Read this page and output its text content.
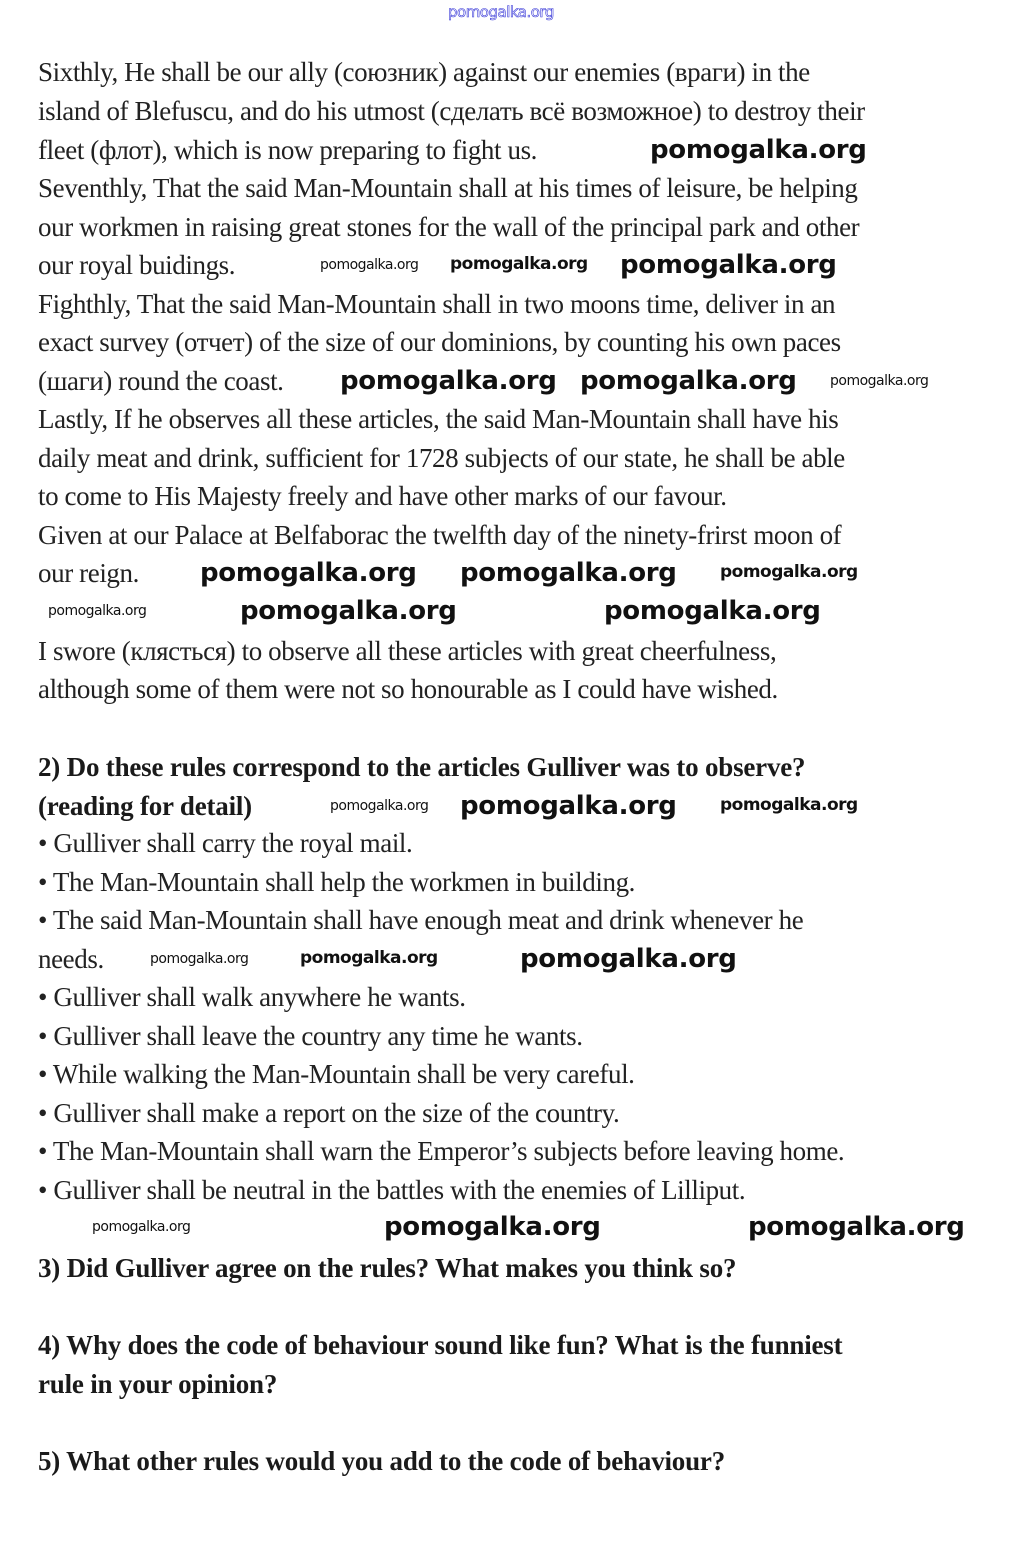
pomogalka.org
Sixthly, He shall be our ally (союзник) against our enemies (враги) in the
island of Blefuscu, and do his utmost (сделать всё возможное) to destroy their
fleet (флот), which is now preparing to fight us.
Seventhly, That the said Man-Mountain shall at his times of leisure, be helping
our workmen in raising great stones for the wall of the principal park and other
our royal buidings.
Fighthly, That the said Man-Mountain shall in two moons time, deliver in an
exact survey (отчет) of the size of our dominions, by counting his own paces
(шаги) round the coast.
Lastly, If he observes all these articles, the said Man-Mountain shall have his
daily meat and drink, sufficient for 1728 subjects of our state, he shall be able
to come to His Majesty freely and have other marks of our favour.
Given at our Palace at Belfaborac the twelfth day of the ninety-frirst moon of
our reign.
I swore (клясться) to observe all these articles with great cheerfulness,
although some of them were not so honourable as I could have wished.
2) Do these rules correspond to the articles Gulliver was to observe?
(reading for detail)
• Gulliver shall carry the royal mail.
• The Man-Mountain shall help the workmen in building.
• The said Man-Mountain shall have enough meat and drink whenever he
needs.
• Gulliver shall walk anywhere he wants.
• Gulliver shall leave the country any time he wants.
• While walking the Man-Mountain shall be very careful.
• Gulliver shall make a report on the size of the country.
• The Man-Mountain shall warn the Emperor’s subjects before leaving home.
• Gulliver shall be neutral in the battles with the enemies of Lilliput.
3) Did Gulliver agree on the rules? What makes you think so?
4) Why does the code of behaviour sound like fun? What is the funniest
rule in your opinion?
5) What other rules would you add to the code of behaviour?
pomogalka.org
pomogalka.org pomogalka.org pomogalka.org
pomogalka.org pomogalka.org pomogalka.org
pomogalka.org pomogalka.org	pomogalka.org
pomogalka.org	pomogalka.org	pomogalka.org
pomogalka.org pomogalka.org	pomogalka.org
pomogalka.org	pomogalka.org	pomogalka.org
pomogalka.org	pomogalka.org	pomogalka.org
